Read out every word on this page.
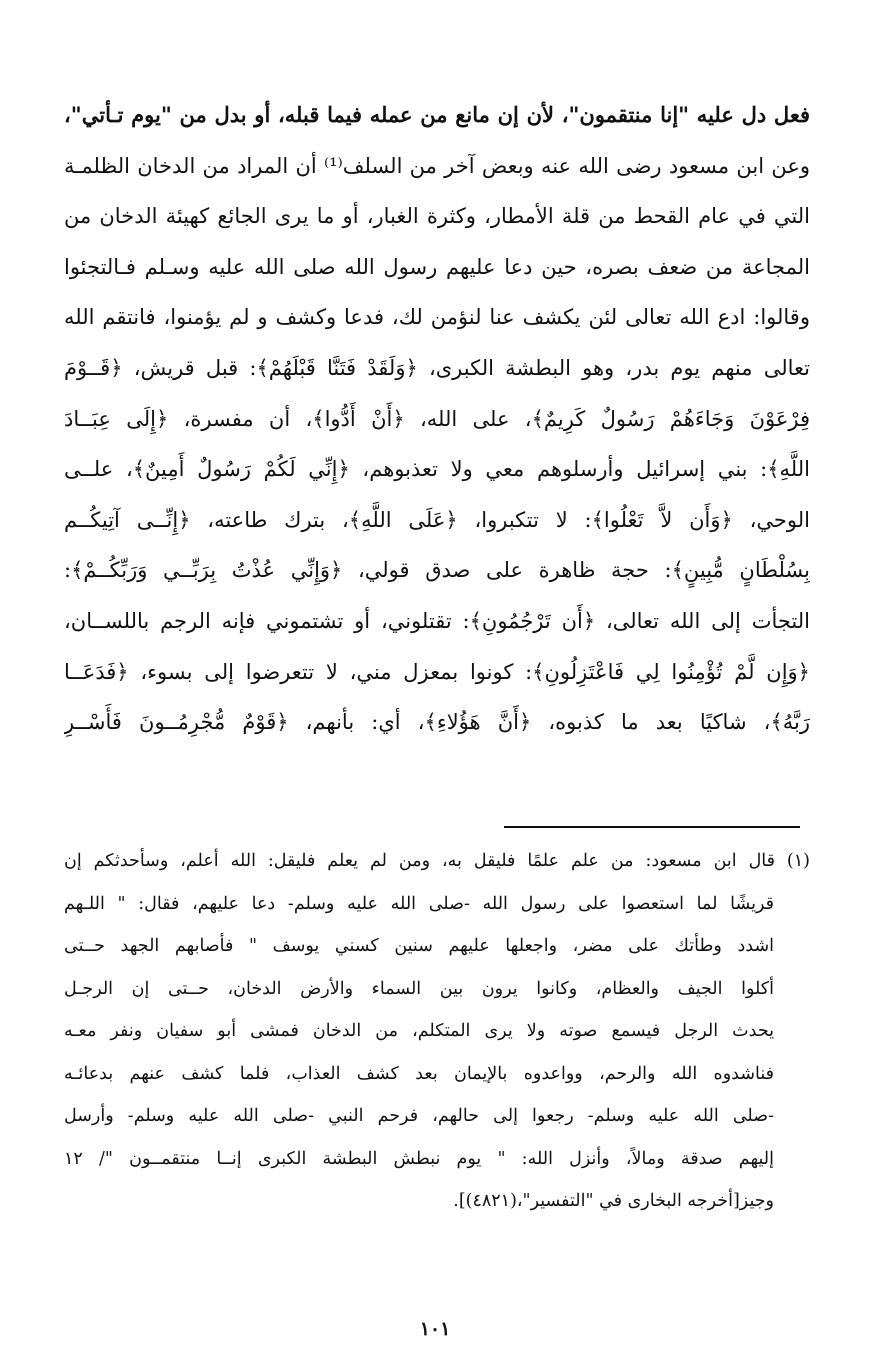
فعل دل عليه "إنا منتقمون"، لأن إن مانع من عمله فيما قبله، أو بدل من "يوم تـأتي"،
وعن ابن مسعود رضى الله عنه وبعض آخر من السلف⁽¹⁾ أن المراد من الدخان الظلمـة
التي في عام القحط من قلة الأمطار، وكثرة الغبار، أو ما يرى الجائع كهيئة الدخان من
المجاعة من ضعف بصره، حين دعا عليهم رسول الله صلى الله عليه وسـلم فـالتجئوا
وقالوا: ادع الله تعالى لئن يكشف عنا لنؤمن لك، فدعا وكشف و لم يؤمنوا، فانتقم الله
تعالى منهم يوم بدر، وهو البطشة الكبرى، ﴿وَلَقَدْ فَتَنَّا قَبْلَهُمْ﴾: قبل قريش، ﴿قَــوْمَ
فِرْعَوْنَ وَجَاءَهُمْ رَسُولٌ كَرِيمٌ﴾، على الله، ﴿أَنْ أَدُّوا﴾، أن مفسرة، ﴿إِلَى عِبَــادَ
اللَّهِ﴾: بني إسرائيل وأرسلوهم معي ولا تعذبوهم، ﴿إِنِّي لَكُمْ رَسُولٌ أَمِينٌ﴾، علــى
الوحي، ﴿وَأَن لاَّ تَعْلُوا﴾: لا تتكبروا، ﴿عَلَى اللَّهِ﴾، بترك طاعته، ﴿إِنِّــى آتِيكُــم
بِسُلْطَانٍ مُّبِينٍ﴾: حجة ظاهرة على صدق قولي، ﴿وَإِنِّي عُذْتُ بِرَبِّــي وَرَبِّكُــمْ﴾:
التجأت إلى الله تعالى، ﴿أَن تَرْجُمُونِ﴾: تقتلوني، أو تشتموني فإنه الرجم باللســان،
﴿وَإِن لَّمْ تُؤْمِنُوا لِي فَاعْتَزِلُونِ﴾: كونوا بمعزل مني، لا تتعرضوا إلى بسوء، ﴿فَدَعَــا
رَبَّهُ﴾، شاكيًا بعد ما كذبوه، ﴿أَنَّ هَؤُلاءِ﴾، أي: بأنهم، ﴿قَوْمٌ مُّجْرِمُــونَ فَأَسْــرِ
(١) قال ابن مسعود: من علم علمًا فليقل به، ومن لم يعلم فليقل: الله أعلم، وسأحدثكم إن
قريشًا لما استعصوا على رسول الله -صلى الله عليه وسلم- دعا عليهم، فقال: " اللـهم
اشدد وطأتك على مضر، واجعلها عليهم سنين كسني يوسف " فأصابهم الجهد حــتى
أكلوا الجيف والعظام، وكانوا يرون بين السماء والأرض الدخان، حــتى إن الرجـل
يحدث الرجل فيسمع صوته ولا يرى المتكلم، من الدخان فمشى أبو سفيان ونفر معـه
فناشدوه الله والرحم، وواعدوه بالإيمان بعد كشف العذاب، فلما كشف عنهم بدعائـه
-صلى الله عليه وسلم- رجعوا إلى حالهم، فرحم النبي -صلى الله عليه وسلم- وأرسل
إليهم صدقة ومالاً، وأنزل الله: " يوم نبطش البطشة الكبرى إنــا منتقمــون "/ ١٢
وجيز[أخرجه البخارى في "التفسير"،(٤٨٢١)].
١٠١
